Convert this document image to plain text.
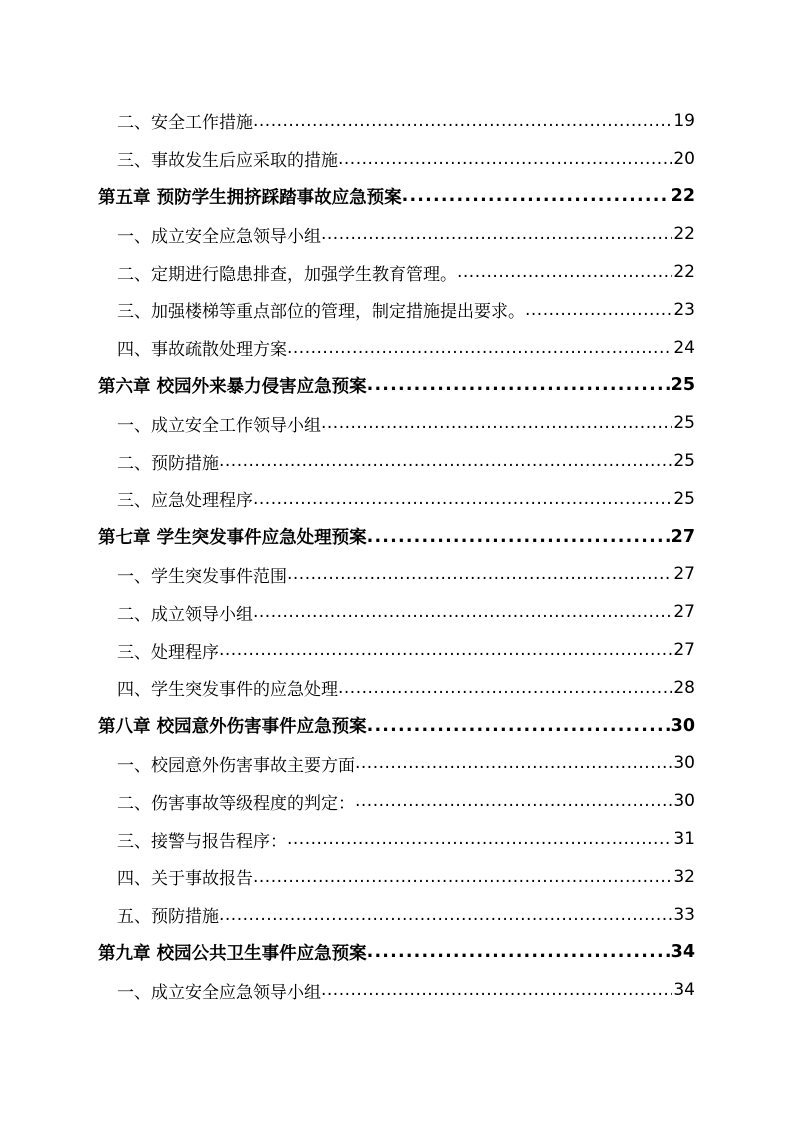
二、安全工作措施 .....	19
三、事故发生后应采取的措施 .....	20
第五章 预防学生拥挤踩踏事故应急预案 .....	22
一、成立安全应急领导小组 .....	22
二、定期进行隐患排查，加强学生教育管理。 .....	22
三、加强楼梯等重点部位的管理，制定措施提出要求。 .....	23
四、事故疏散处理方案 .....	24
第六章 校园外来暴力侵害应急预案 .....	25
一、成立安全工作领导小组 .....	25
二、预防措施 .....	25
三、应急处理程序 .....	25
第七章 学生突发事件应急处理预案 .....	27
一、学生突发事件范围 .....	27
二、成立领导小组 .....	27
三、处理程序 .....	27
四、学生突发事件的应急处理 .....	28
第八章 校园意外伤害事件应急预案 .....	30
一、校园意外伤害事故主要方面 .....	30
二、伤害事故等级程度的判定： .....	30
三、接警与报告程序： .....	31
四、关于事故报告 .....	32
五、预防措施 .....	33
第九章 校园公共卫生事件应急预案 .....	34
一、成立安全应急领导小组 .....	34
